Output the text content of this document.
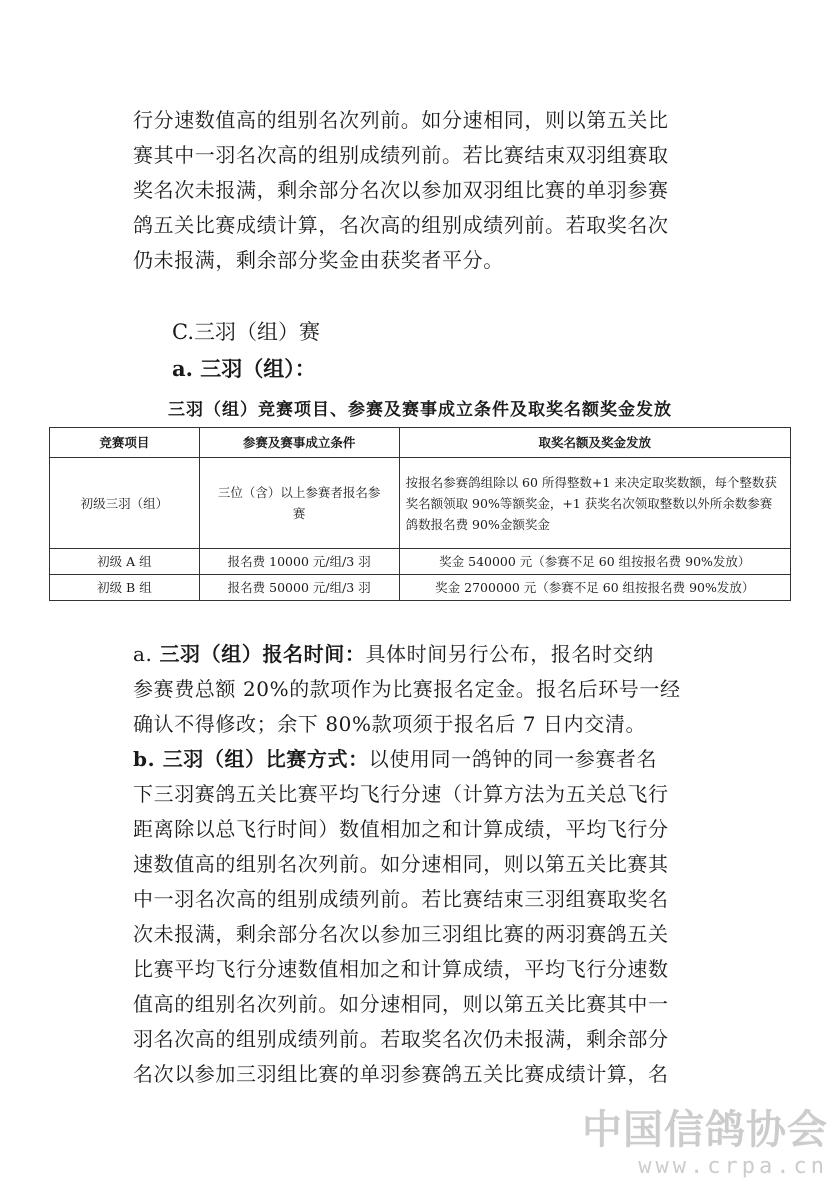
行分速数值高的组别名次列前。如分速相同，则以第五关比
赛其中一羽名次高的组别成绩列前。若比赛结束双羽组赛取
奖名次未报满，剩余部分名次以参加双羽组比赛的单羽参赛
鸽五关比赛成绩计算，名次高的组别成绩列前。若取奖名次
仍未报满，剩余部分奖金由获奖者平分。
C.三羽（组）赛
a. 三羽（组）：
三羽（组）竞赛项目、参赛及赛事成立条件及取奖名额奖金发放
竞赛项目	参赛及赛事成立条件	取奖名额及奖金发放
初级三羽（组）	三位（含）以上参赛者报名参赛	按报名参赛鸽组除以 60 所得整数+1 来决定取奖数额，每个整数获奖名额领取 90%等额奖金，+1 获奖名次领取整数以外所余数参赛鸽数报名费 90%金额奖金
初级 A 组	报名费 10000 元/组/3 羽	奖金 540000 元（参赛不足 60 组按报名费 90%发放）
初级 B 组	报名费 50000 元/组/3 羽	奖金 2700000 元（参赛不足 60 组按报名费 90%发放）
a. 三羽（组）报名时间：具体时间另行公布，报名时交纳
参赛费总额 20%的款项作为比赛报名定金。报名后环号一经
确认不得修改；余下 80%款项须于报名后 7 日内交清。
b. 三羽（组）比赛方式：以使用同一鸽钟的同一参赛者名
下三羽赛鸽五关比赛平均飞行分速（计算方法为五关总飞行
距离除以总飞行时间）数值相加之和计算成绩，平均飞行分
速数值高的组别名次列前。如分速相同，则以第五关比赛其
中一羽名次高的组别成绩列前。若比赛结束三羽组赛取奖名
次未报满，剩余部分名次以参加三羽组比赛的两羽赛鸽五关
比赛平均飞行分速数值相加之和计算成绩，平均飞行分速数
值高的组别名次列前。如分速相同，则以第五关比赛其中一
羽名次高的组别成绩列前。若取奖名次仍未报满，剩余部分
名次以参加三羽组比赛的单羽参赛鸽五关比赛成绩计算，名
中国信鸽协会
www.crpa.cn
